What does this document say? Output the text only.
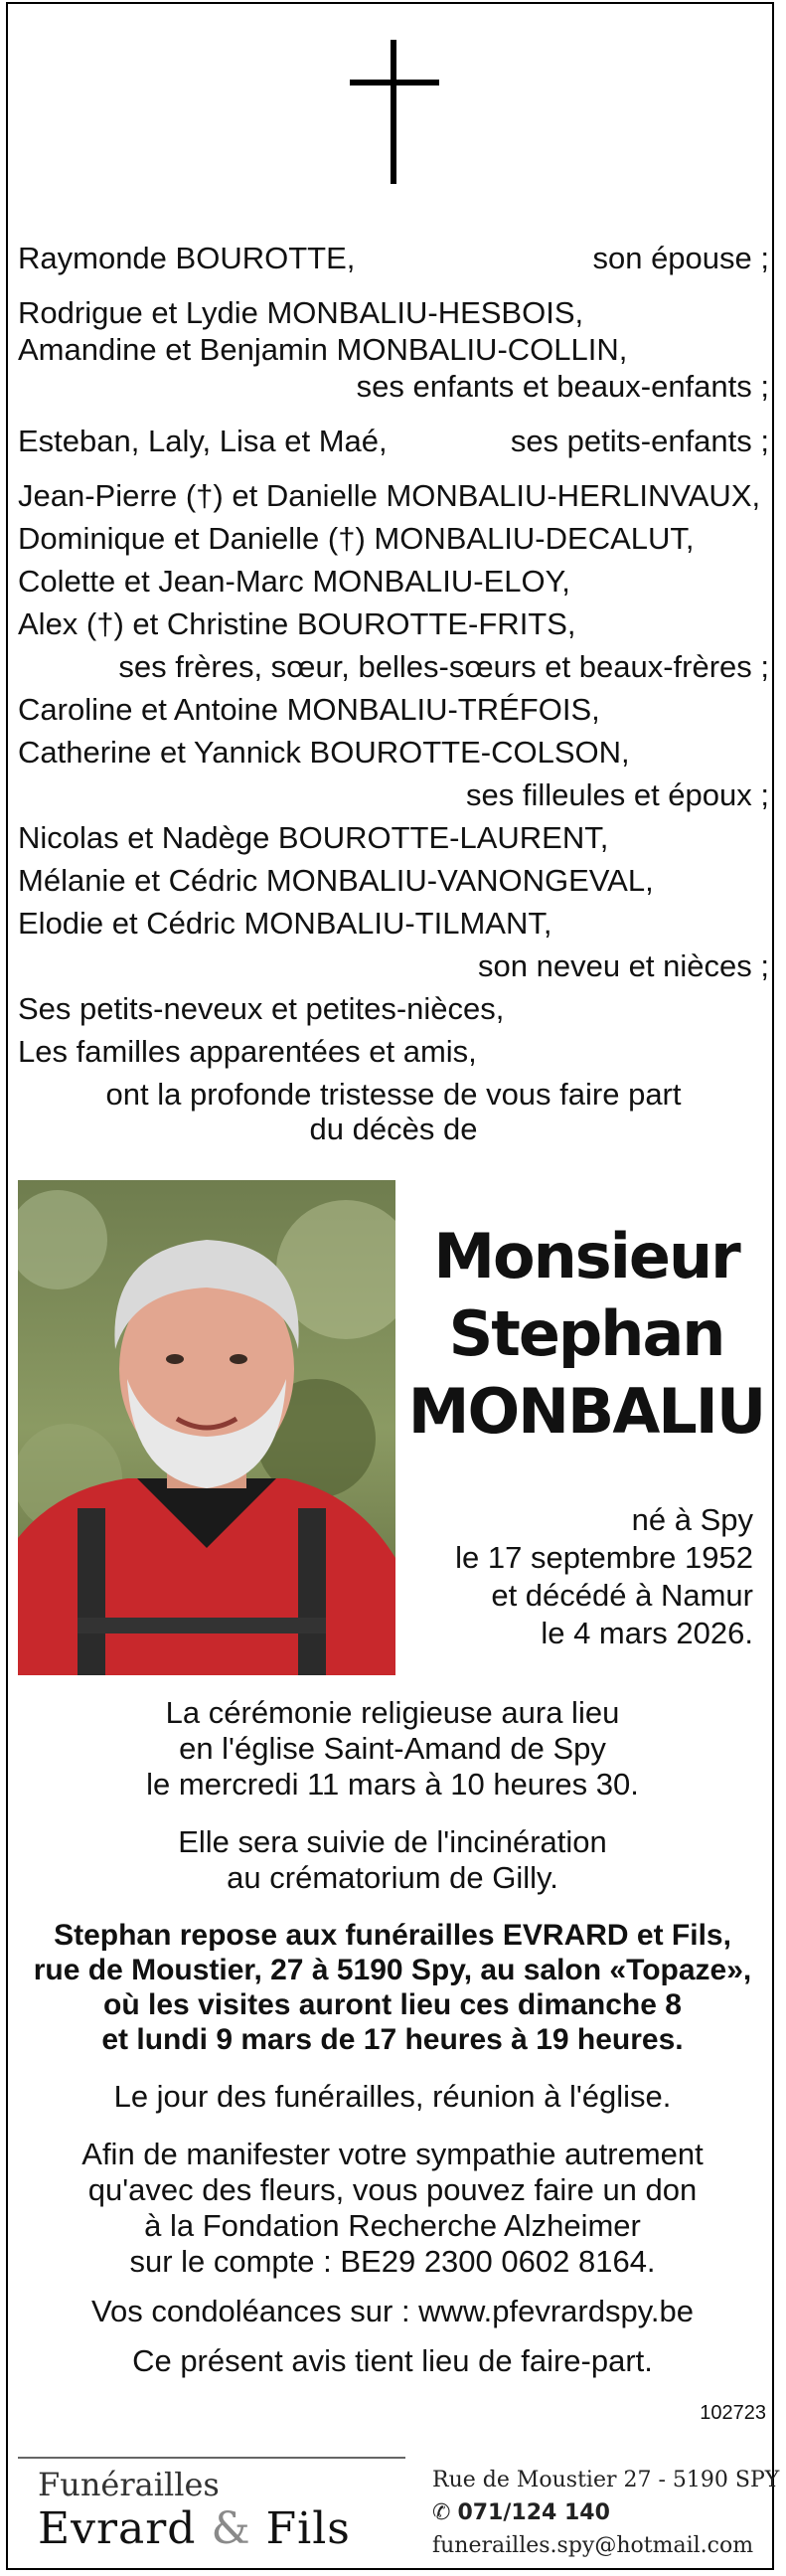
Raymonde BOUROTTE,	son épouse ;
Rodrigue et Lydie MONBALIU-HESBOIS,
Amandine et Benjamin MONBALIU-COLLIN,
ses enfants et beaux-enfants ;
Esteban, Laly, Lisa et Maé,	ses petits-enfants ;
Jean-Pierre (†) et Danielle MONBALIU-HERLINVAUX,
Dominique et Danielle (†) MONBALIU-DECALUT,
Colette et Jean-Marc MONBALIU-ELOY,
Alex (†) et Christine BOUROTTE-FRITS,
ses frères, sœur, belles-sœurs et beaux-frères ;
Caroline et Antoine MONBALIU-TRÉFOIS,
Catherine et Yannick BOUROTTE-COLSON,
ses filleules et époux ;
Nicolas et Nadège BOUROTTE-LAURENT,
Mélanie et Cédric MONBALIU-VANONGEVAL,
Elodie et Cédric MONBALIU-TILMANT,
son neveu et nièces ;
Ses petits-neveux et petites-nièces,
Les familles apparentées et amis,
ont la profonde tristesse de vous faire part
du décès de
Monsieur
Stephan
MONBALIU
né à Spy
le 17 septembre 1952
et décédé à Namur
le 4 mars 2026.

La cérémonie religieuse aura lieu
en l'église Saint-Amand de Spy
le mercredi 11 mars à 10 heures 30.

Elle sera suivie de l'incinération
au crématorium de Gilly.

Stephan repose aux funérailles EVRARD et Fils,
rue de Moustier, 27 à 5190 Spy, au salon «Topaze»,
où les visites auront lieu ces dimanche 8
et lundi 9 mars de 17 heures à 19 heures.

Le jour des funérailles, réunion à l'église.

Afin de manifester votre sympathie autrement
qu'avec des fleurs, vous pouvez faire un don
à la Fondation Recherche Alzheimer
sur le compte : BE29 2300 0602 8164.

Vos condoléances sur : www.pfevrardspy.be

Ce présent avis tient lieu de faire-part.

102723
Funérailles
Evrard & Fils
Rue de Moustier 27 - 5190 SPY
✆ 071/124 140
funerailles.spy@hotmail.com
